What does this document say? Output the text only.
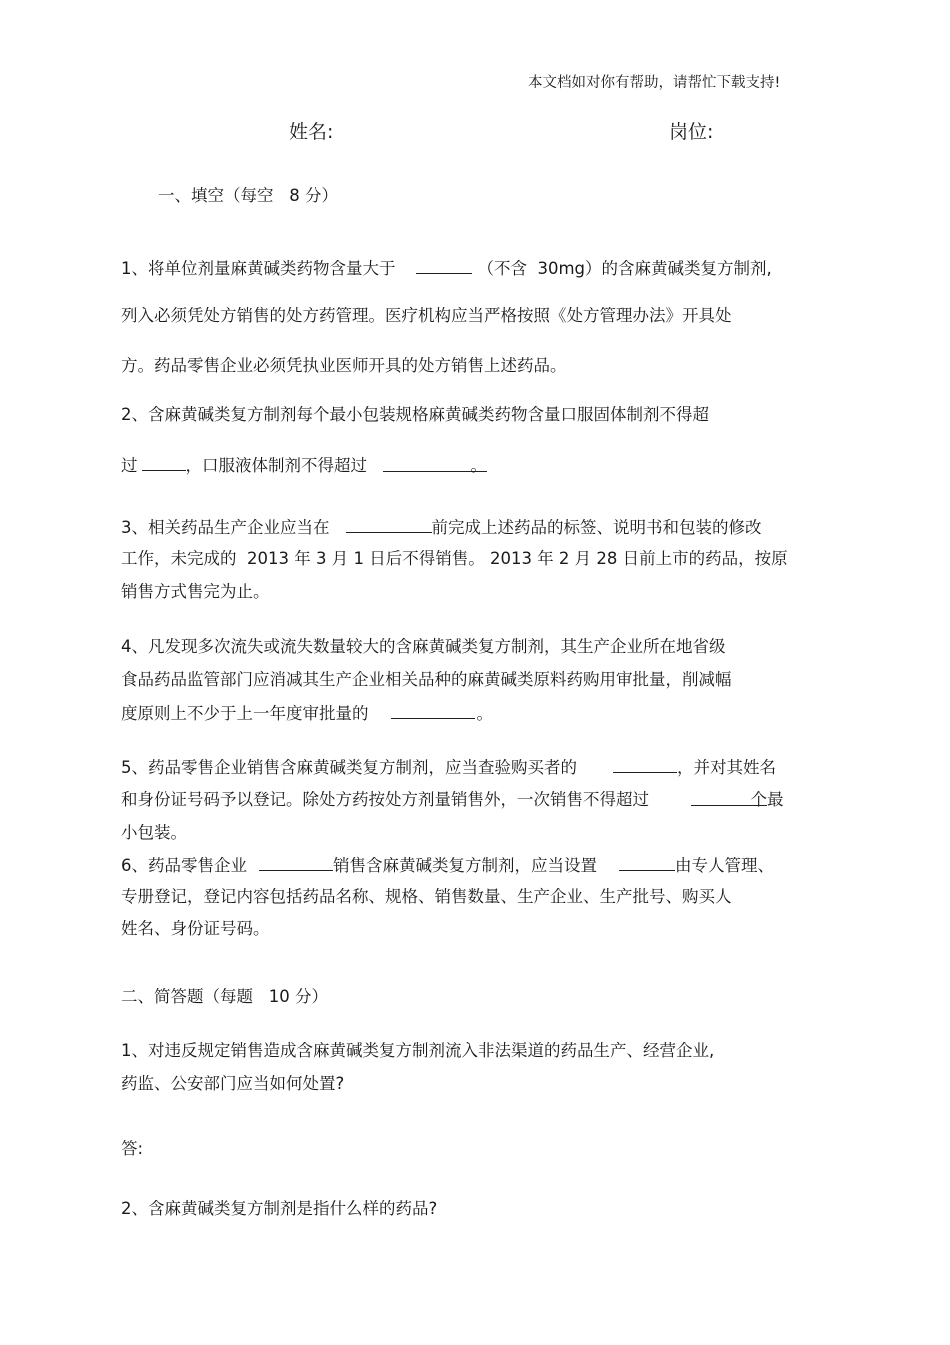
本文档如对你有帮助，请帮忙下载支持!
姓名:	岗位:
一、填空（每空   8 分）
1、将单位剂量麻黄碱类药物含量大于	（不含  30mg）的含麻黄碱类复方制剂,
列入必须凭处方销售的处方药管理。医疗机构应当严格按照《处方管理办法》开具处
方。药品零售企业必须凭执业医师开具的处方销售上述药品。
2、含麻黄碱类复方制剂每个最小包装规格麻黄碱类药物含量口服固体制剂不得超
过	，口服液体制剂不得超过	。
3、相关药品生产企业应当在	前完成上述药品的标签、说明书和包装的修改
工作，未完成的  2013 年 3 月 1 日后不得销售。 2013 年 2 月 28 日前上市的药品，按原
销售方式售完为止。
4、凡发现多次流失或流失数量较大的含麻黄碱类复方制剂，其生产企业所在地省级
食品药品监管部门应消减其生产企业相关品种的麻黄碱类原料药购用审批量，削减幅
度原则上不少于上一年度审批量的	。
5、药品零售企业销售含麻黄碱类复方制剂，应当查验购买者的	，并对其姓名
和身份证号码予以登记。除处方药按处方剂量销售外，一次销售不得超过	个最
小包装。
6、药品零售企业	销售含麻黄碱类复方制剂，应当设置	由专人管理、
专册登记，登记内容包括药品名称、规格、销售数量、生产企业、生产批号、购买人
姓名、身份证号码。
二、简答题（每题   10 分）
1、对违反规定销售造成含麻黄碱类复方制剂流入非法渠道的药品生产、经营企业,
药监、公安部门应当如何处置?
答:
2、含麻黄碱类复方制剂是指什么样的药品?
